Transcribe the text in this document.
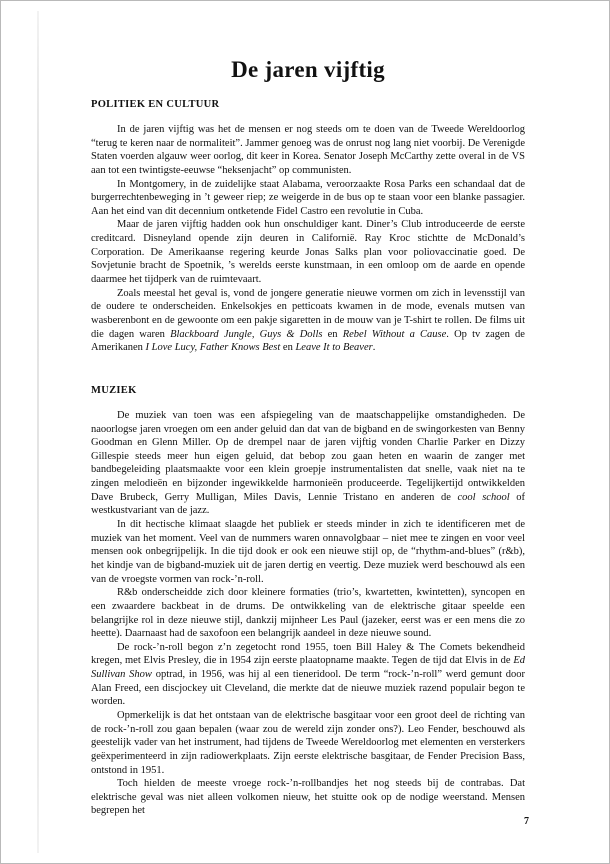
De jaren vijftig
POLITIEK EN CULTUUR

In de jaren vijftig was het de mensen er nog steeds om te doen van de Tweede Wereldoorlog “terug te keren naar de normaliteit”. Jammer genoeg was de onrust nog lang niet voorbij. De Verenigde Staten voerden algauw weer oorlog, dit keer in Korea. Senator Joseph McCarthy zette overal in de VS aan tot een twintigste-eeuwse “heksenjacht” op communisten.

In Montgomery, in de zuidelijke staat Alabama, veroorzaakte Rosa Parks een schandaal dat de burgerrechtenbeweging in ’t geweer riep; ze weigerde in de bus op te staan voor een blanke passagier. Aan het eind van dit decennium ontketende Fidel Castro een revolutie in Cuba.

Maar de jaren vijftig hadden ook hun onschuldiger kant. Diner’s Club introduceerde de eerste creditcard. Disneyland opende zijn deuren in Californië. Ray Kroc stichtte de McDonald’s Corporation. De Amerikaanse regering keurde Jonas Salks plan voor poliovaccinatie goed. De Sovjetunie bracht de Spoetnik, ’s werelds eerste kunstmaan, in een omloop om de aarde en opende daarmee het tijdperk van de ruimtevaart.

Zoals meestal het geval is, vond de jongere generatie nieuwe vormen om zich in levensstijl van de oudere te onderscheiden. Enkelsokjes en petticoats kwamen in de mode, evenals mutsen van wasberenbont en de gewoonte om een pakje sigaretten in de mouw van je T-shirt te rollen. De films uit die dagen waren Blackboard Jungle, Guys & Dolls en Rebel Without a Cause. Op tv zagen de Amerikanen I Love Lucy, Father Knows Best en Leave It to Beaver.

MUZIEK

De muziek van toen was een afspiegeling van de maatschappelijke omstandigheden. De naoorlogse jaren vroegen om een ander geluid dan dat van de bigband en de swingorkesten van Benny Goodman en Glenn Miller. Op de drempel naar de jaren vijftig vonden Charlie Parker en Dizzy Gillespie steeds meer hun eigen geluid, dat bebop zou gaan heten en waarin de zanger met bandbegeleiding plaatsmaakte voor een klein groepje instrumentalisten dat snelle, vaak niet na te zingen melodieën en bijzonder ingewikkelde harmonieën produceerde. Tegelijkertijd ontwikkelden Dave Brubeck, Gerry Mulligan, Miles Davis, Lennie Tristano en anderen de cool school of westkustvariant van de jazz.

In dit hectische klimaat slaagde het publiek er steeds minder in zich te identificeren met de muziek van het moment. Veel van de nummers waren onnavolgbaar – niet mee te zingen en voor veel mensen ook onbegrijpelijk. In die tijd dook er ook een nieuwe stijl op, de “rhythm-and-blues” (r&b), het kindje van de bigband-muziek uit de jaren dertig en veertig. Deze muziek werd beschouwd als een van de vroegste vormen van rock-’n-roll.

R&b onderscheidde zich door kleinere formaties (trio’s, kwartetten, kwintetten), syncopen en een zwaardere backbeat in de drums. De ontwikkeling van de elektrische gitaar speelde een belangrijke rol in deze nieuwe stijl, dankzij mijnheer Les Paul (jazeker, eerst was er een mens die zo heette). Daarnaast had de saxofoon een belangrijk aandeel in deze nieuwe sound.

De rock-’n-roll begon z’n zegetocht rond 1955, toen Bill Haley & The Comets bekendheid kregen, met Elvis Presley, die in 1954 zijn eerste plaatopname maakte. Tegen de tijd dat Elvis in de Ed Sullivan Show optrad, in 1956, was hij al een tieneridool. De term “rock-’n-roll” werd gemunt door Alan Freed, een discjockey uit Cleveland, die merkte dat de nieuwe muziek razend populair begon te worden.

Opmerkelijk is dat het ontstaan van de elektrische basgitaar voor een groot deel de richting van de rock-’n-roll zou gaan bepalen (waar zou de wereld zijn zonder ons?). Leo Fender, beschouwd als geestelijk vader van het instrument, had tijdens de Tweede Wereldoorlog met elementen en versterkers geëxperimenteerd in zijn radiowerkplaats. Zijn eerste elektrische basgitaar, de Fender Precision Bass, ontstond in 1951.

Toch hielden de meeste vroege rock-’n-rollbandjes het nog steeds bij de contrabas. Dat elektrische geval was niet alleen volkomen nieuw, het stuitte ook op de nodige weerstand. Mensen begrepen het

7
